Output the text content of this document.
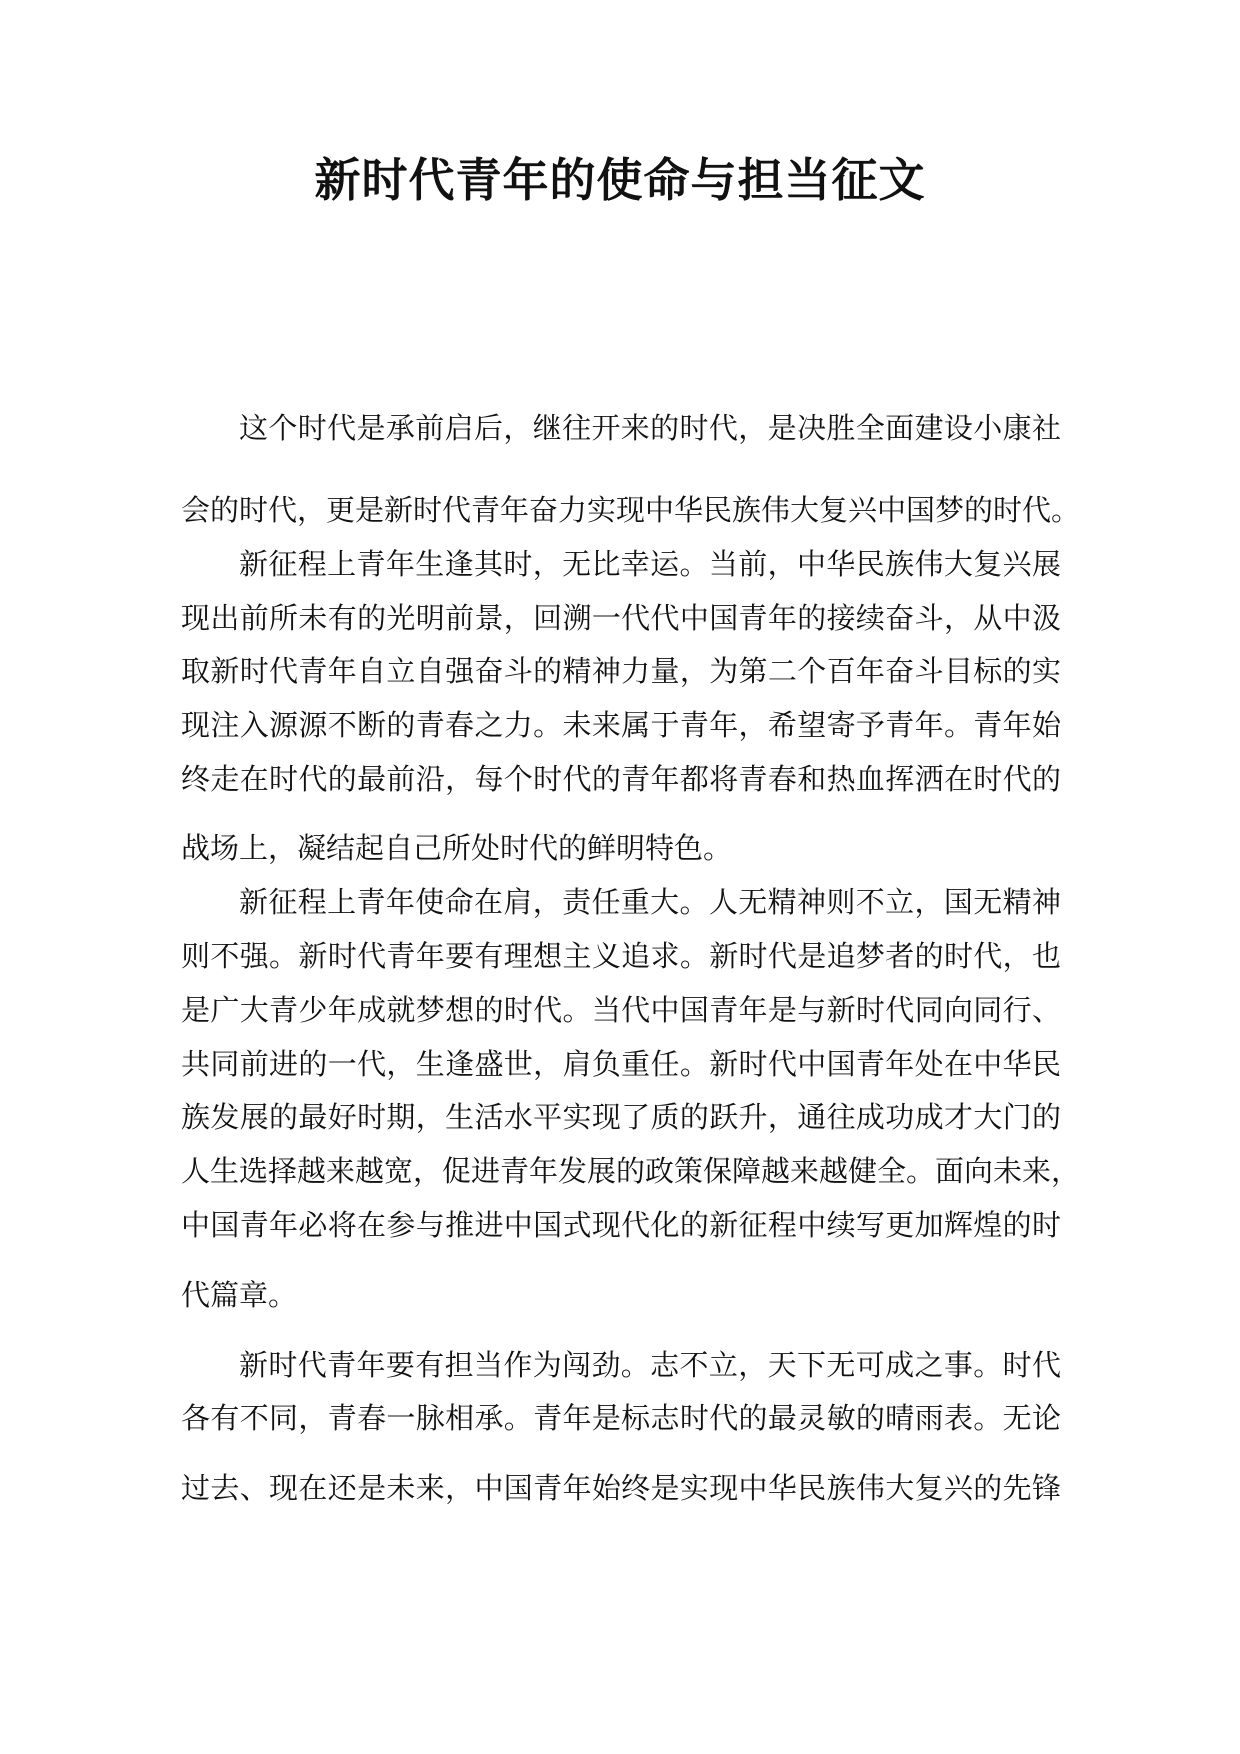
新时代青年的使命与担当征文

这个时代是承前启后，继往开来的时代，是决胜全面建设小康社

会的时代，更是新时代青年奋力实现中华民族伟大复兴中国梦的时代。

新征程上青年生逢其时，无比幸运。当前，中华民族伟大复兴展

现出前所未有的光明前景，回溯一代代中国青年的接续奋斗，从中汲

取新时代青年自立自强奋斗的精神力量，为第二个百年奋斗目标的实

现注入源源不断的青春之力。未来属于青年，希望寄予青年。青年始

终走在时代的最前沿，每个时代的青年都将青春和热血挥洒在时代的

战场上，凝结起自己所处时代的鲜明特色。

新征程上青年使命在肩，责任重大。人无精神则不立，国无精神

则不强。新时代青年要有理想主义追求。新时代是追梦者的时代，也

是广大青少年成就梦想的时代。当代中国青年是与新时代同向同行、

共同前进的一代，生逢盛世，肩负重任。新时代中国青年处在中华民

族发展的最好时期，生活水平实现了质的跃升，通往成功成才大门的

人生选择越来越宽，促进青年发展的政策保障越来越健全。面向未来，

中国青年必将在参与推进中国式现代化的新征程中续写更加辉煌的时

代篇章。

新时代青年要有担当作为闯劲。志不立，天下无可成之事。时代

各有不同，青春一脉相承。青年是标志时代的最灵敏的晴雨表。无论

过去、现在还是未来，中国青年始终是实现中华民族伟大复兴的先锋
